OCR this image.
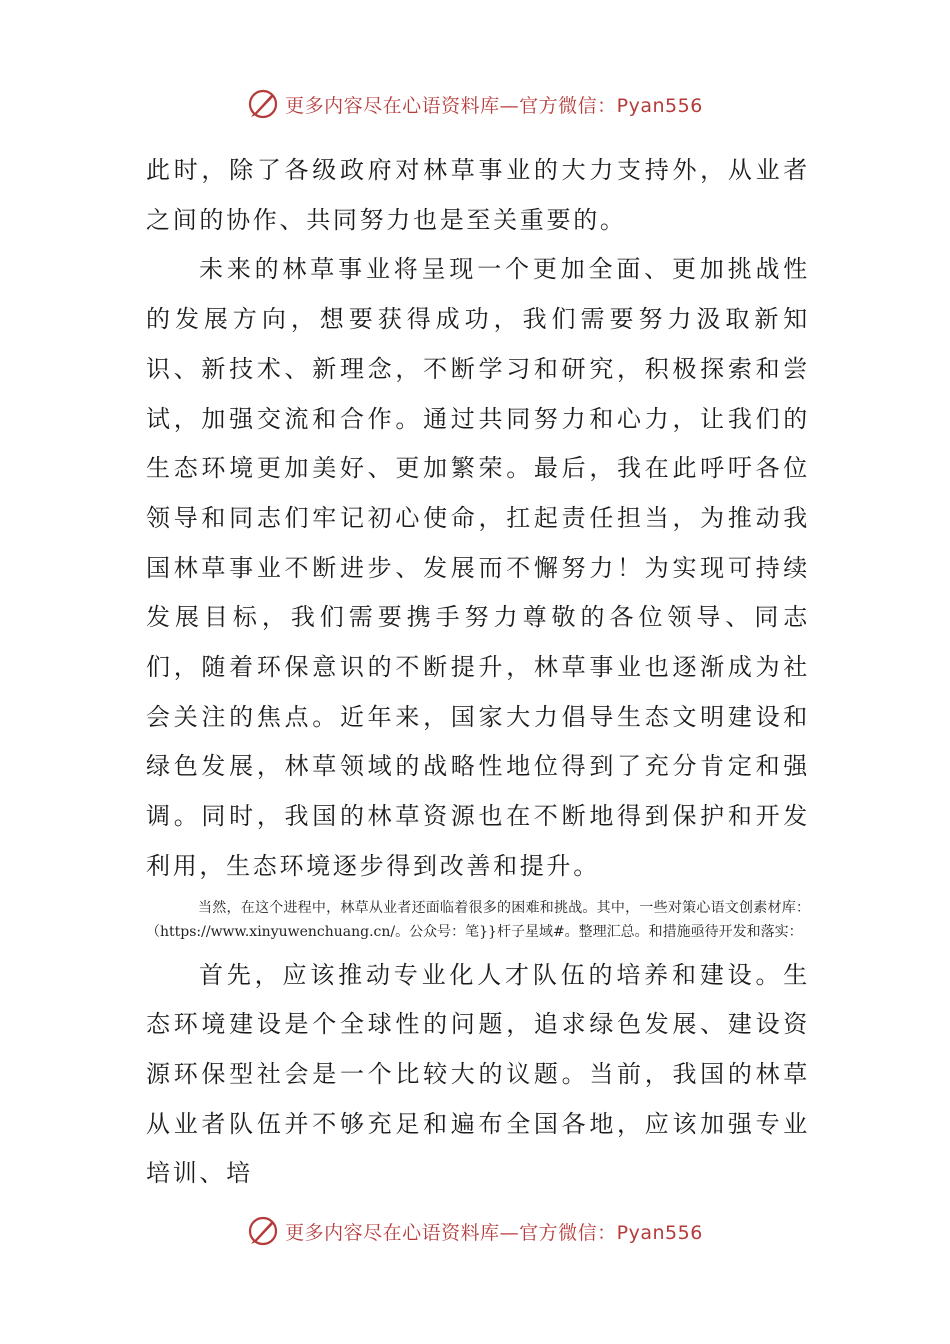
更多内容尽在心语资料库—官方微信：Pyan556

此时，除了各级政府对林草事业的大力支持外，从业者之间的协作、共同努力也是至关重要的。

未来的林草事业将呈现一个更加全面、更加挑战性的发展方向，想要获得成功，我们需要努力汲取新知识、新技术、新理念，不断学习和研究，积极探索和尝试，加强交流和合作。通过共同努力和心力，让我们的生态环境更加美好、更加繁荣。最后，我在此呼吁各位领导和同志们牢记初心使命，扛起责任担当，为推动我国林草事业不断进步、发展而不懈努力！为实现可持续发展目标，我们需要携手努力尊敬的各位领导、同志们，随着环保意识的不断提升，林草事业也逐渐成为社会关注的焦点。近年来，国家大力倡导生态文明建设和绿色发展，林草领域的战略性地位得到了充分肯定和强调。同时，我国的林草资源也在不断地得到保护和开发利用，生态环境逐步得到改善和提升。

当然，在这个进程中，林草从业者还面临着很多的困难和挑战。其中，一些对策心语文创素材库：（https://www.xinyuwenchuang.cn/。公众号：笔}}杆子星域#。整理汇总。和措施亟待开发和落实：

首先，应该推动专业化人才队伍的培养和建设。生态环境建设是个全球性的问题，追求绿色发展、建设资源环保型社会是一个比较大的议题。当前，我国的林草从业者队伍并不够充足和遍布全国各地，应该加强专业培训、培

更多内容尽在心语资料库—官方微信：Pyan556
